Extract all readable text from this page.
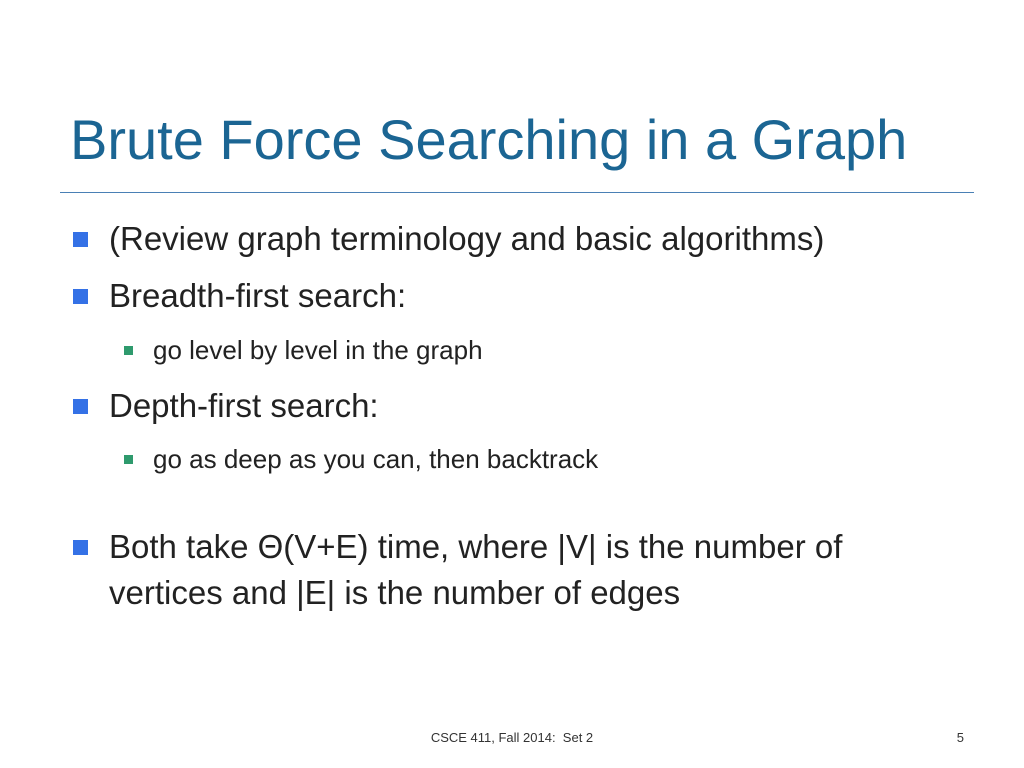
Brute Force Searching in a Graph
(Review graph terminology and basic algorithms)
Breadth-first search:
go level by level in the graph
Depth-first search:
go as deep as you can, then backtrack
Both take Θ(V+E) time, where |V| is the number of
vertices and |E| is the number of edges
CSCE 411, Fall 2014:  Set 2	5
